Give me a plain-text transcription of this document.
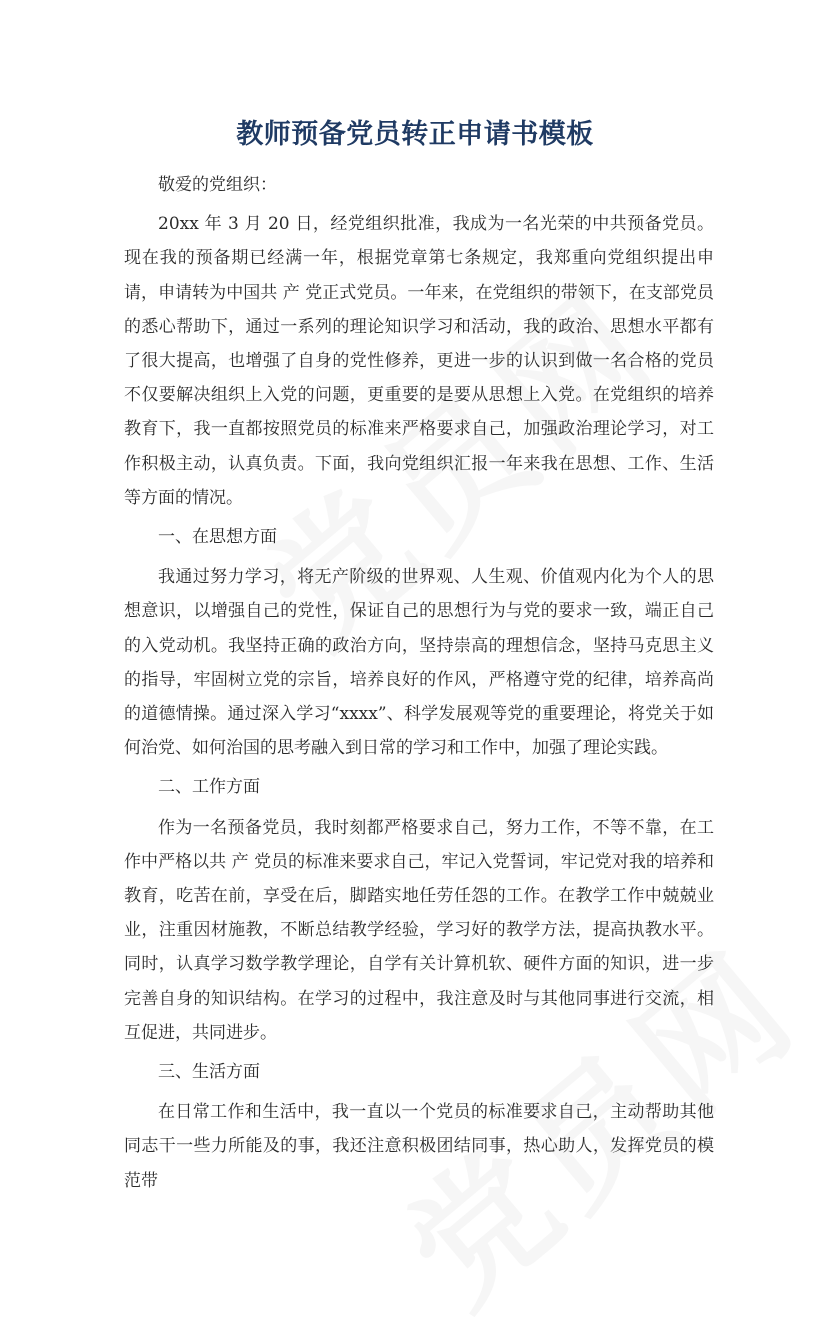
教师预备党员转正申请书模板

敬爱的党组织：

20xx 年 3 月 20 日，经党组织批准，我成为一名光荣的中共预备党员。现在我的预备期已经满一年，根据党章第七条规定，我郑重向党组织提出申请，申请转为中国共 产 党正式党员。一年来，在党组织的带领下，在支部党员的悉心帮助下，通过一系列的理论知识学习和活动，我的政治、思想水平都有了很大提高，也增强了自身的党性修养，更进一步的认识到做一名合格的党员不仅要解决组织上入党的问题，更重要的是要从思想上入党。在党组织的培养教育下，我一直都按照党员的标准来严格要求自己，加强政治理论学习，对工作积极主动，认真负责。下面，我向党组织汇报一年来我在思想、工作、生活等方面的情况。

一、在思想方面

我通过努力学习，将无产阶级的世界观、人生观、价值观内化为个人的思想意识，以增强自己的党性，保证自己的思想行为与党的要求一致，端正自己的入党动机。我坚持正确的政治方向，坚持崇高的理想信念，坚持马克思主义的指导，牢固树立党的宗旨，培养良好的作风，严格遵守党的纪律，培养高尚的道德情操。通过深入学习“xxxx”、科学发展观等党的重要理论，将党关于如何治党、如何治国的思考融入到日常的学习和工作中，加强了理论实践。

二、工作方面

作为一名预备党员，我时刻都严格要求自己，努力工作，不等不靠，在工作中严格以共 产 党员的标准来要求自己，牢记入党誓词，牢记党对我的培养和教育，吃苦在前，享受在后，脚踏实地任劳任怨的工作。在教学工作中兢兢业业，注重因材施教，不断总结教学经验，学习好的教学方法，提高执教水平。同时，认真学习数学教学理论，自学有关计算机软、硬件方面的知识，进一步完善自身的知识结构。在学习的过程中，我注意及时与其他同事进行交流，相互促进，共同进步。

三、生活方面

在日常工作和生活中，我一直以一个党员的标准要求自己，主动帮助其他同志干一些力所能及的事，我还注意积极团结同事，热心助人，发挥党员的模范带
